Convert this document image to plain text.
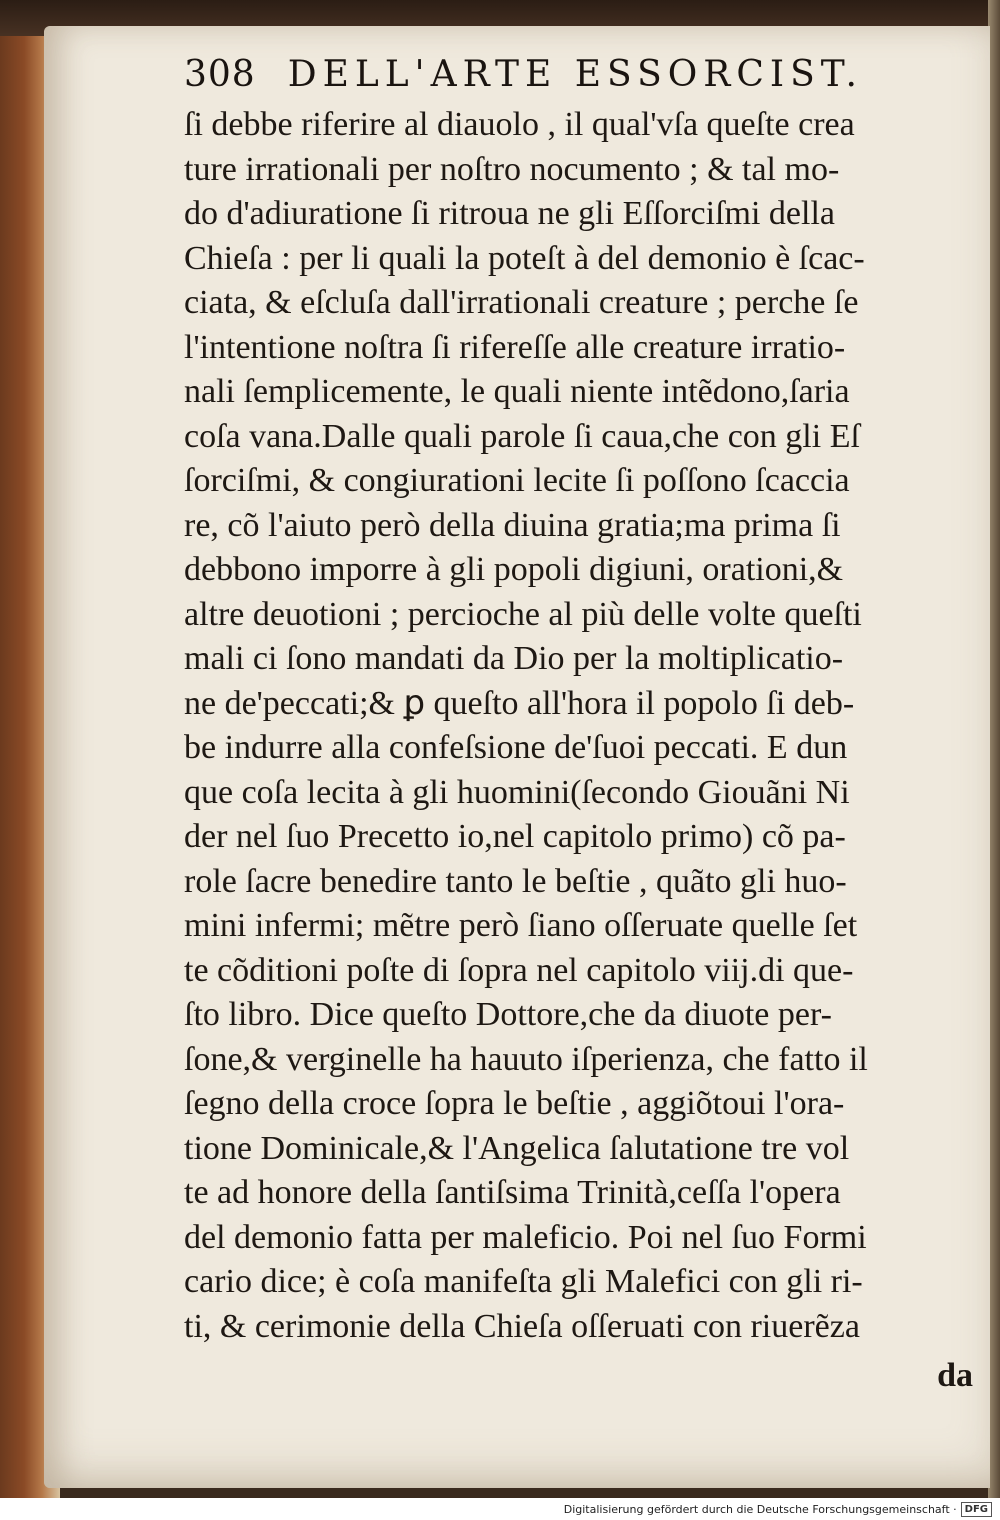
308 DELL'ARTE ESSORCIST.
ſi debbe riferire al diauolo , il qual'vſa queſte crea
ture irrationali per noſtro nocumento ; & tal mo-
do d'adiuratione ſi ritroua ne gli Eſſorciſmi della
Chieſa : per li quali la poteſt à del demonio è ſcac-
ciata, & eſcluſa dall'irrationali creature ; perche ſe
l'intentione noſtra ſi rifereſſe alle creature irratio-
nali ſemplicemente, le quali niente intẽdono,ſaria
coſa vana.Dalle quali parole ſi caua,che con gli Eſ
ſorciſmi, & congiurationi lecite ſi poſſono ſcaccia
re, cõ l'aiuto però della diuina gratia;ma prima ſi
debbono imporre à gli popoli digiuni, orationi,&
altre deuotioni ; percioche al più delle volte queſti
mali ci ſono mandati da Dio per la moltiplicatio-
ne de'peccati;& ꝑ queſto all'hora il popolo ſi deb-
be indurre alla confeſsione de'ſuoi peccati. E dun
que coſa lecita à gli huomini(ſecondo Giouãni Ni
der nel ſuo Precetto io,nel capitolo primo) cõ pa-
role ſacre benedire tanto le beſtie , quãto gli huo-
mini infermi; mẽtre però ſiano oſſeruate quelle ſet
te cõditioni poſte di ſopra nel capitolo viij.di que-
ſto libro. Dice queſto Dottore,che da diuote per-
ſone,& verginelle ha hauuto iſperienza, che fatto il
ſegno della croce ſopra le beſtie , aggiõtoui l'ora-
tione Dominicale,& l'Angelica ſalutatione tre vol
te ad honore della ſantiſsima Trinità,ceſſa l'opera
del demonio fatta per maleficio. Poi nel ſuo Formi
cario dice; è coſa manifeſta gli Malefici con gli ri-
ti, & cerimonie della Chieſa oſſeruati con riuerẽza
da
Digitalisierung gefördert durch die Deutsche Forschungsgemeinschaft · DFG
